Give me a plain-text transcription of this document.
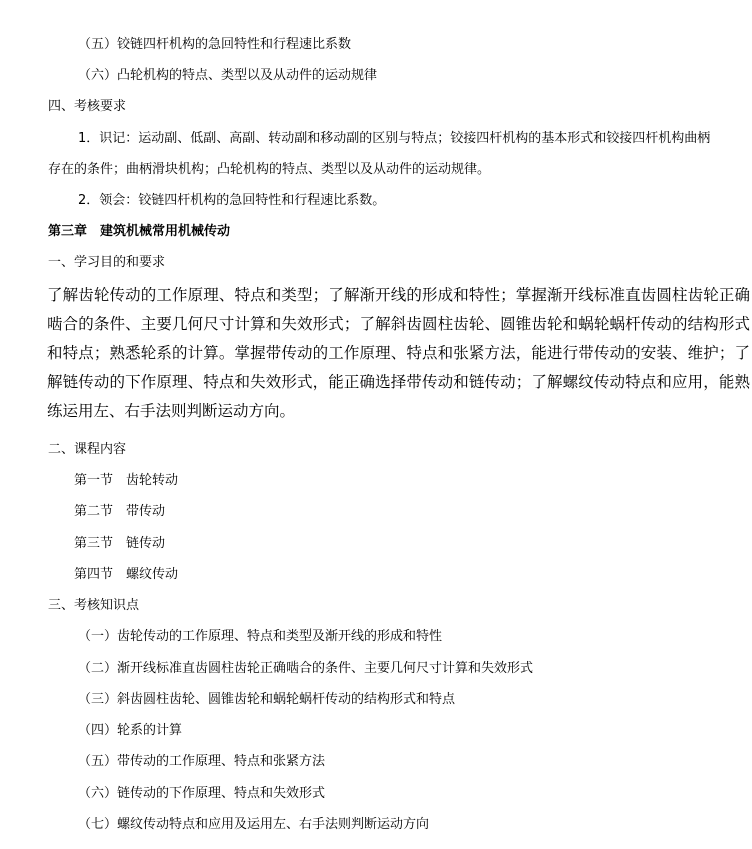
（五）铰链四杆机构的急回特性和行程速比系数
（六）凸轮机构的特点、类型以及从动件的运动规律
四、考核要求
1．识记：运动副、低副、高副、转动副和移动副的区别与特点；铰接四杆机构的基本形式和铰接四杆机构曲柄
存在的条件；曲柄滑块机构；凸轮机构的特点、类型以及从动件的运动规律。
2．领会：铰链四杆机构的急回特性和行程速比系数。
第三章　建筑机械常用机械传动
一、学习目的和要求
了解齿轮传动的工作原理、特点和类型；了解渐开线的形成和特性；掌握渐开线标准直齿圆柱齿轮正确啮合的条件、主要几何尺寸计算和失效形式；了解斜齿圆柱齿轮、圆锥齿轮和蜗轮蜗杆传动的结构形式和特点；熟悉轮系的计算。掌握带传动的工作原理、特点和张紧方法，能进行带传动的安装、维护；了解链传动的下作原理、特点和失效形式，能正确选择带传动和链传动；了解螺纹传动特点和应用，能熟练运用左、右手法则判断运动方向。
二、课程内容
第一节　齿轮转动
第二节　带传动
第三节　链传动
第四节　螺纹传动
三、考核知识点
（一）齿轮传动的工作原理、特点和类型及渐开线的形成和特性
（二）渐开线标准直齿圆柱齿轮正确啮合的条件、主要几何尺寸计算和失效形式
（三）斜齿圆柱齿轮、圆锥齿轮和蜗轮蜗杆传动的结构形式和特点
（四）轮系的计算
（五）带传动的工作原理、特点和张紧方法
（六）链传动的下作原理、特点和失效形式
（七）螺纹传动特点和应用及运用左、右手法则判断运动方向
